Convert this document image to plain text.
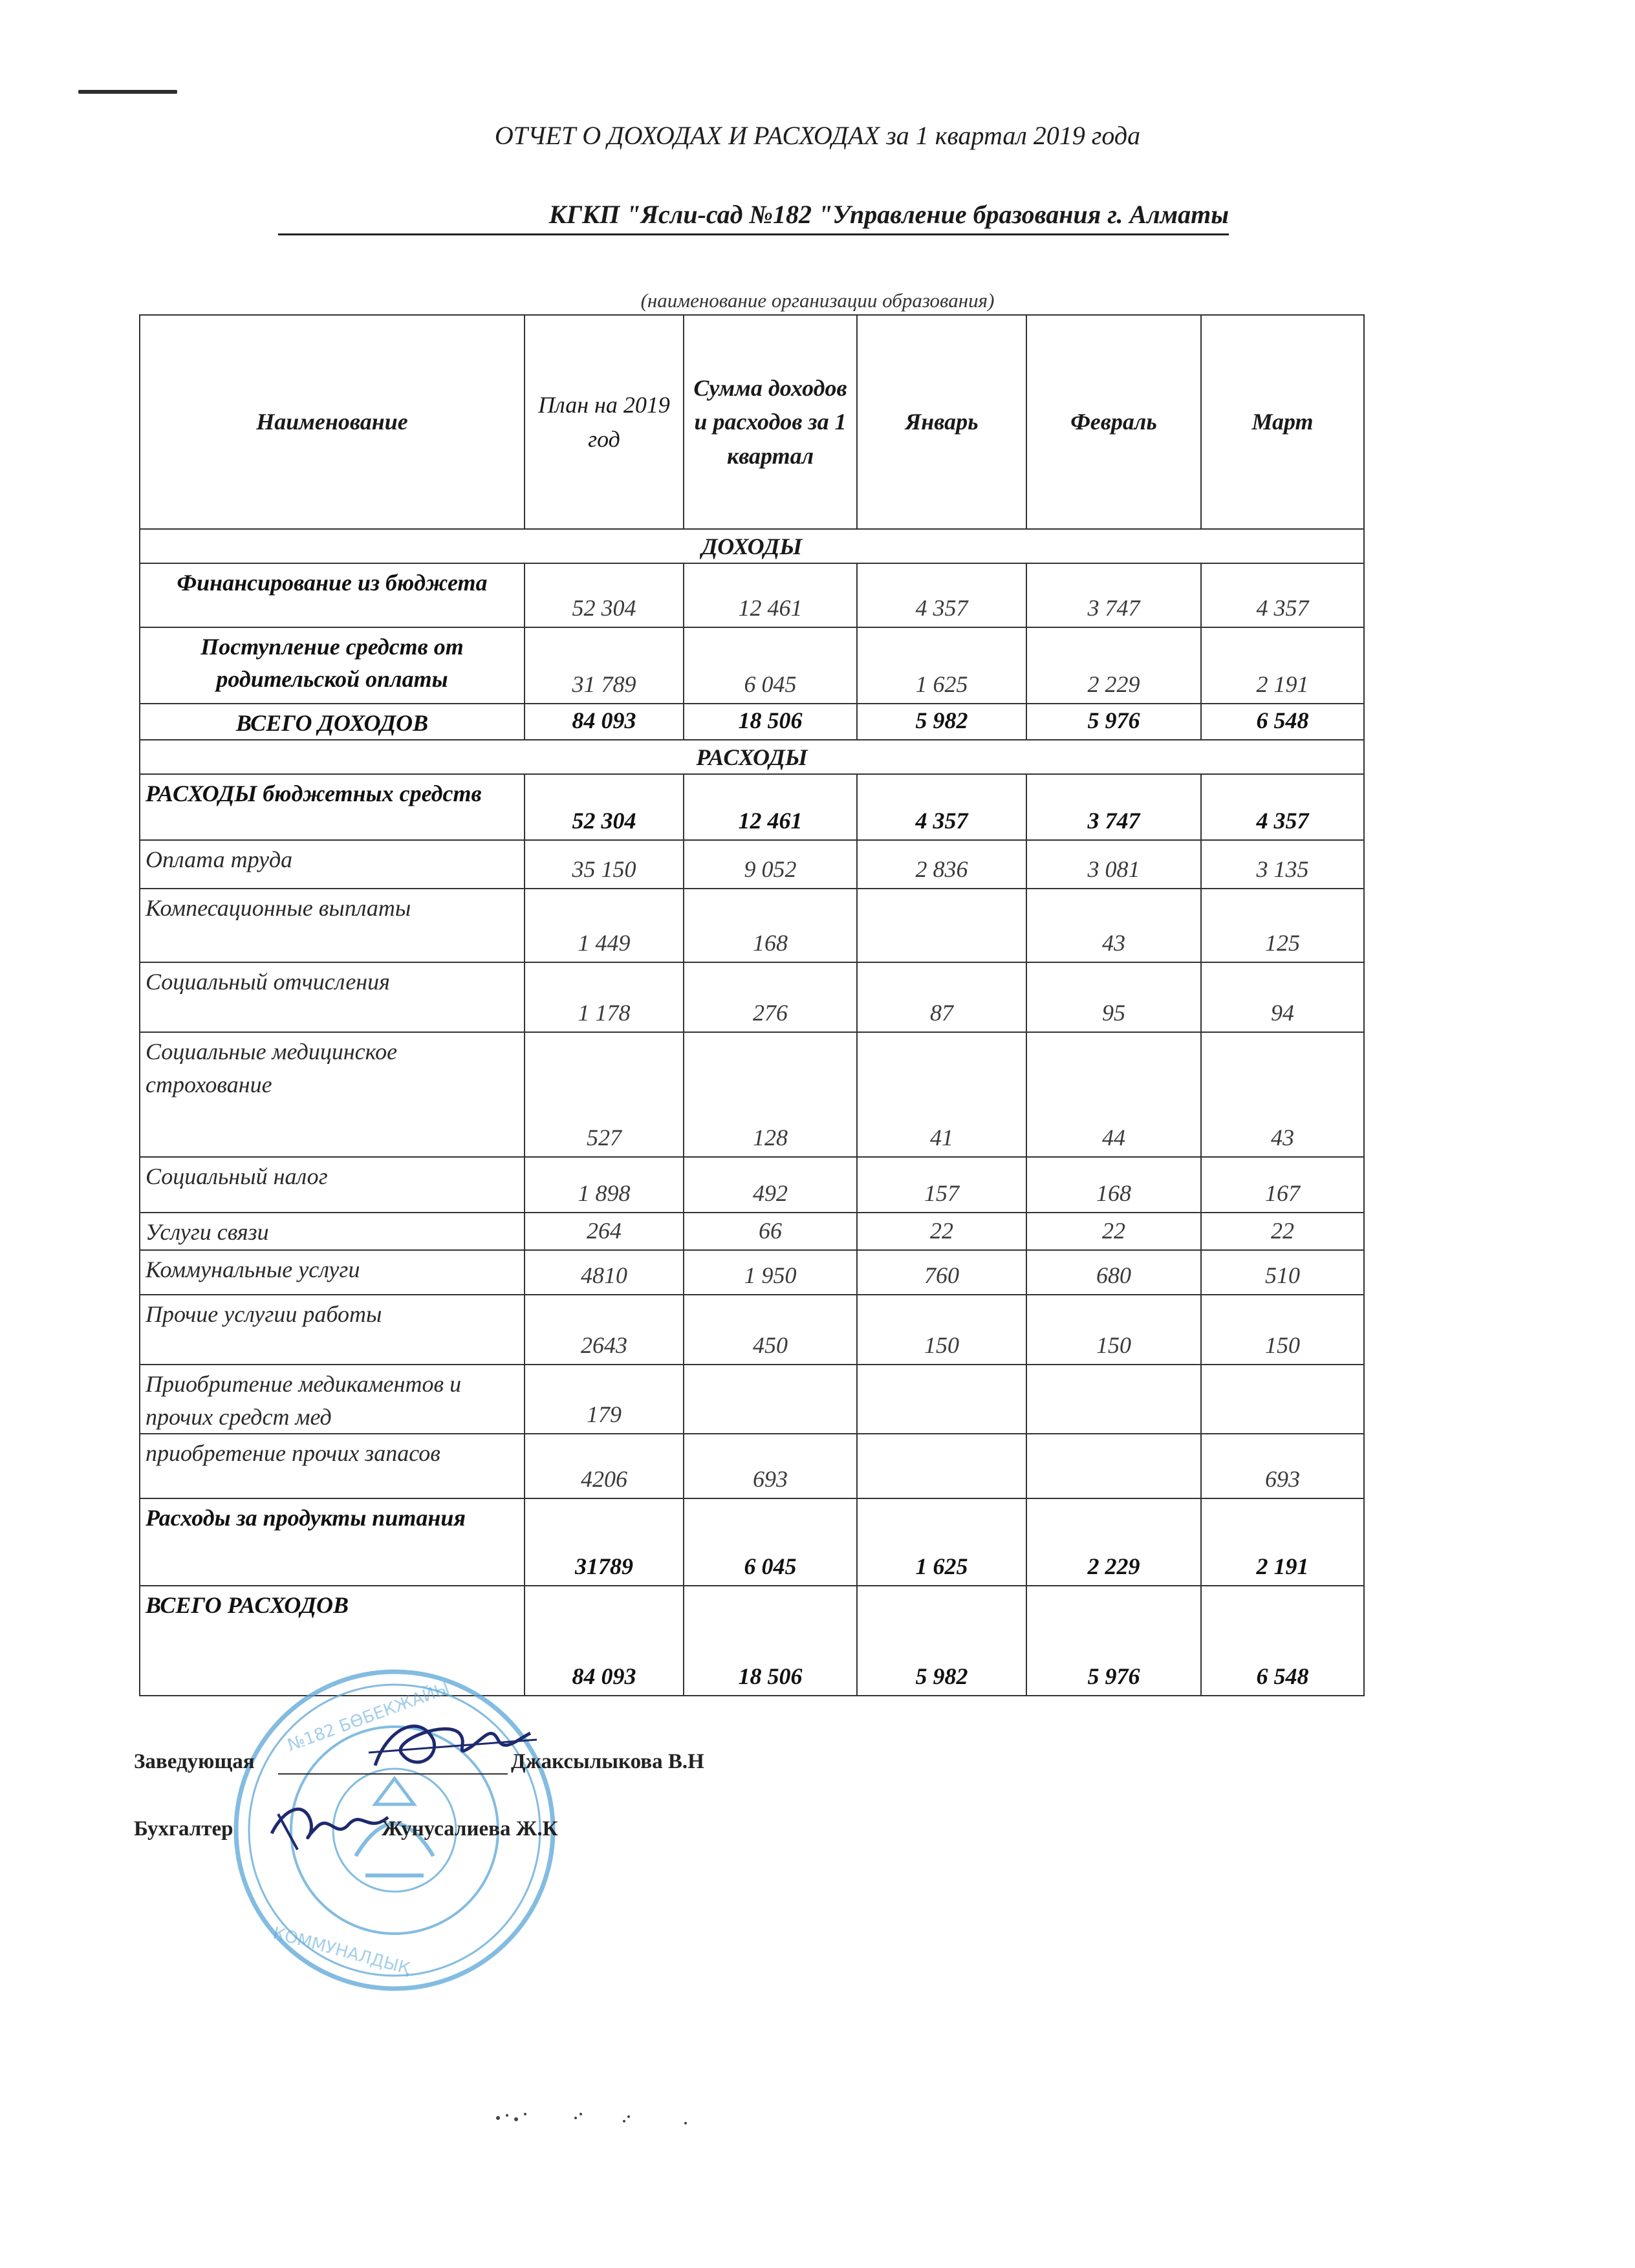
ОТЧЕТ О ДОХОДАХ И РАСХОДАХ за 1 квартал 2019 года
КГКП "Ясли-сад №182 "Управление бразования г. Алматы
(наименование организации образования)
Наименование	План на 2019 год	Сумма доходов и расходов за 1 квартал	Январь	Февраль	Март
ДОХОДЫ					
Финансирование из бюджета	52 304	12 461	4 357	3 747	4 357
Поступление средств от родительской оплаты	31 789	6 045	1 625	2 229	2 191
ВСЕГО ДОХОДОВ	84 093	18 506	5 982	5 976	6 548
РАСХОДЫ					
РАСХОДЫ бюджетных средств	52 304	12 461	4 357	3 747	4 357
Оплата труда	35 150	9 052	2 836	3 081	3 135
Компесационные выплаты	1 449	168		43	125
Социальный отчисления	1 178	276	87	95	94
Социальные медицинское строхование	527	128	41	44	43
Социальный налог	1 898	492	157	168	167
Услуги связи	264	66	22	22	22
Коммунальные услуги	4810	1 950	760	680	510
Прочие услугии работы	2643	450	150	150	150
Приобритение медикаментов и прочих средст мед	179				
приобретение прочих запасов	4206	693			693
Расходы за продукты питания	31789	6 045	1 625	2 229	2 191
ВСЕГО РАСХОДОВ	84 093	18 506	5 982	5 976	6 548
№182 БӨБЕКЖАЙЫ
КОММУНАЛДЫҚ
Заведующая	Джаксылыкова В.Н
Бухгалтер	Жунусалиева Ж.К
